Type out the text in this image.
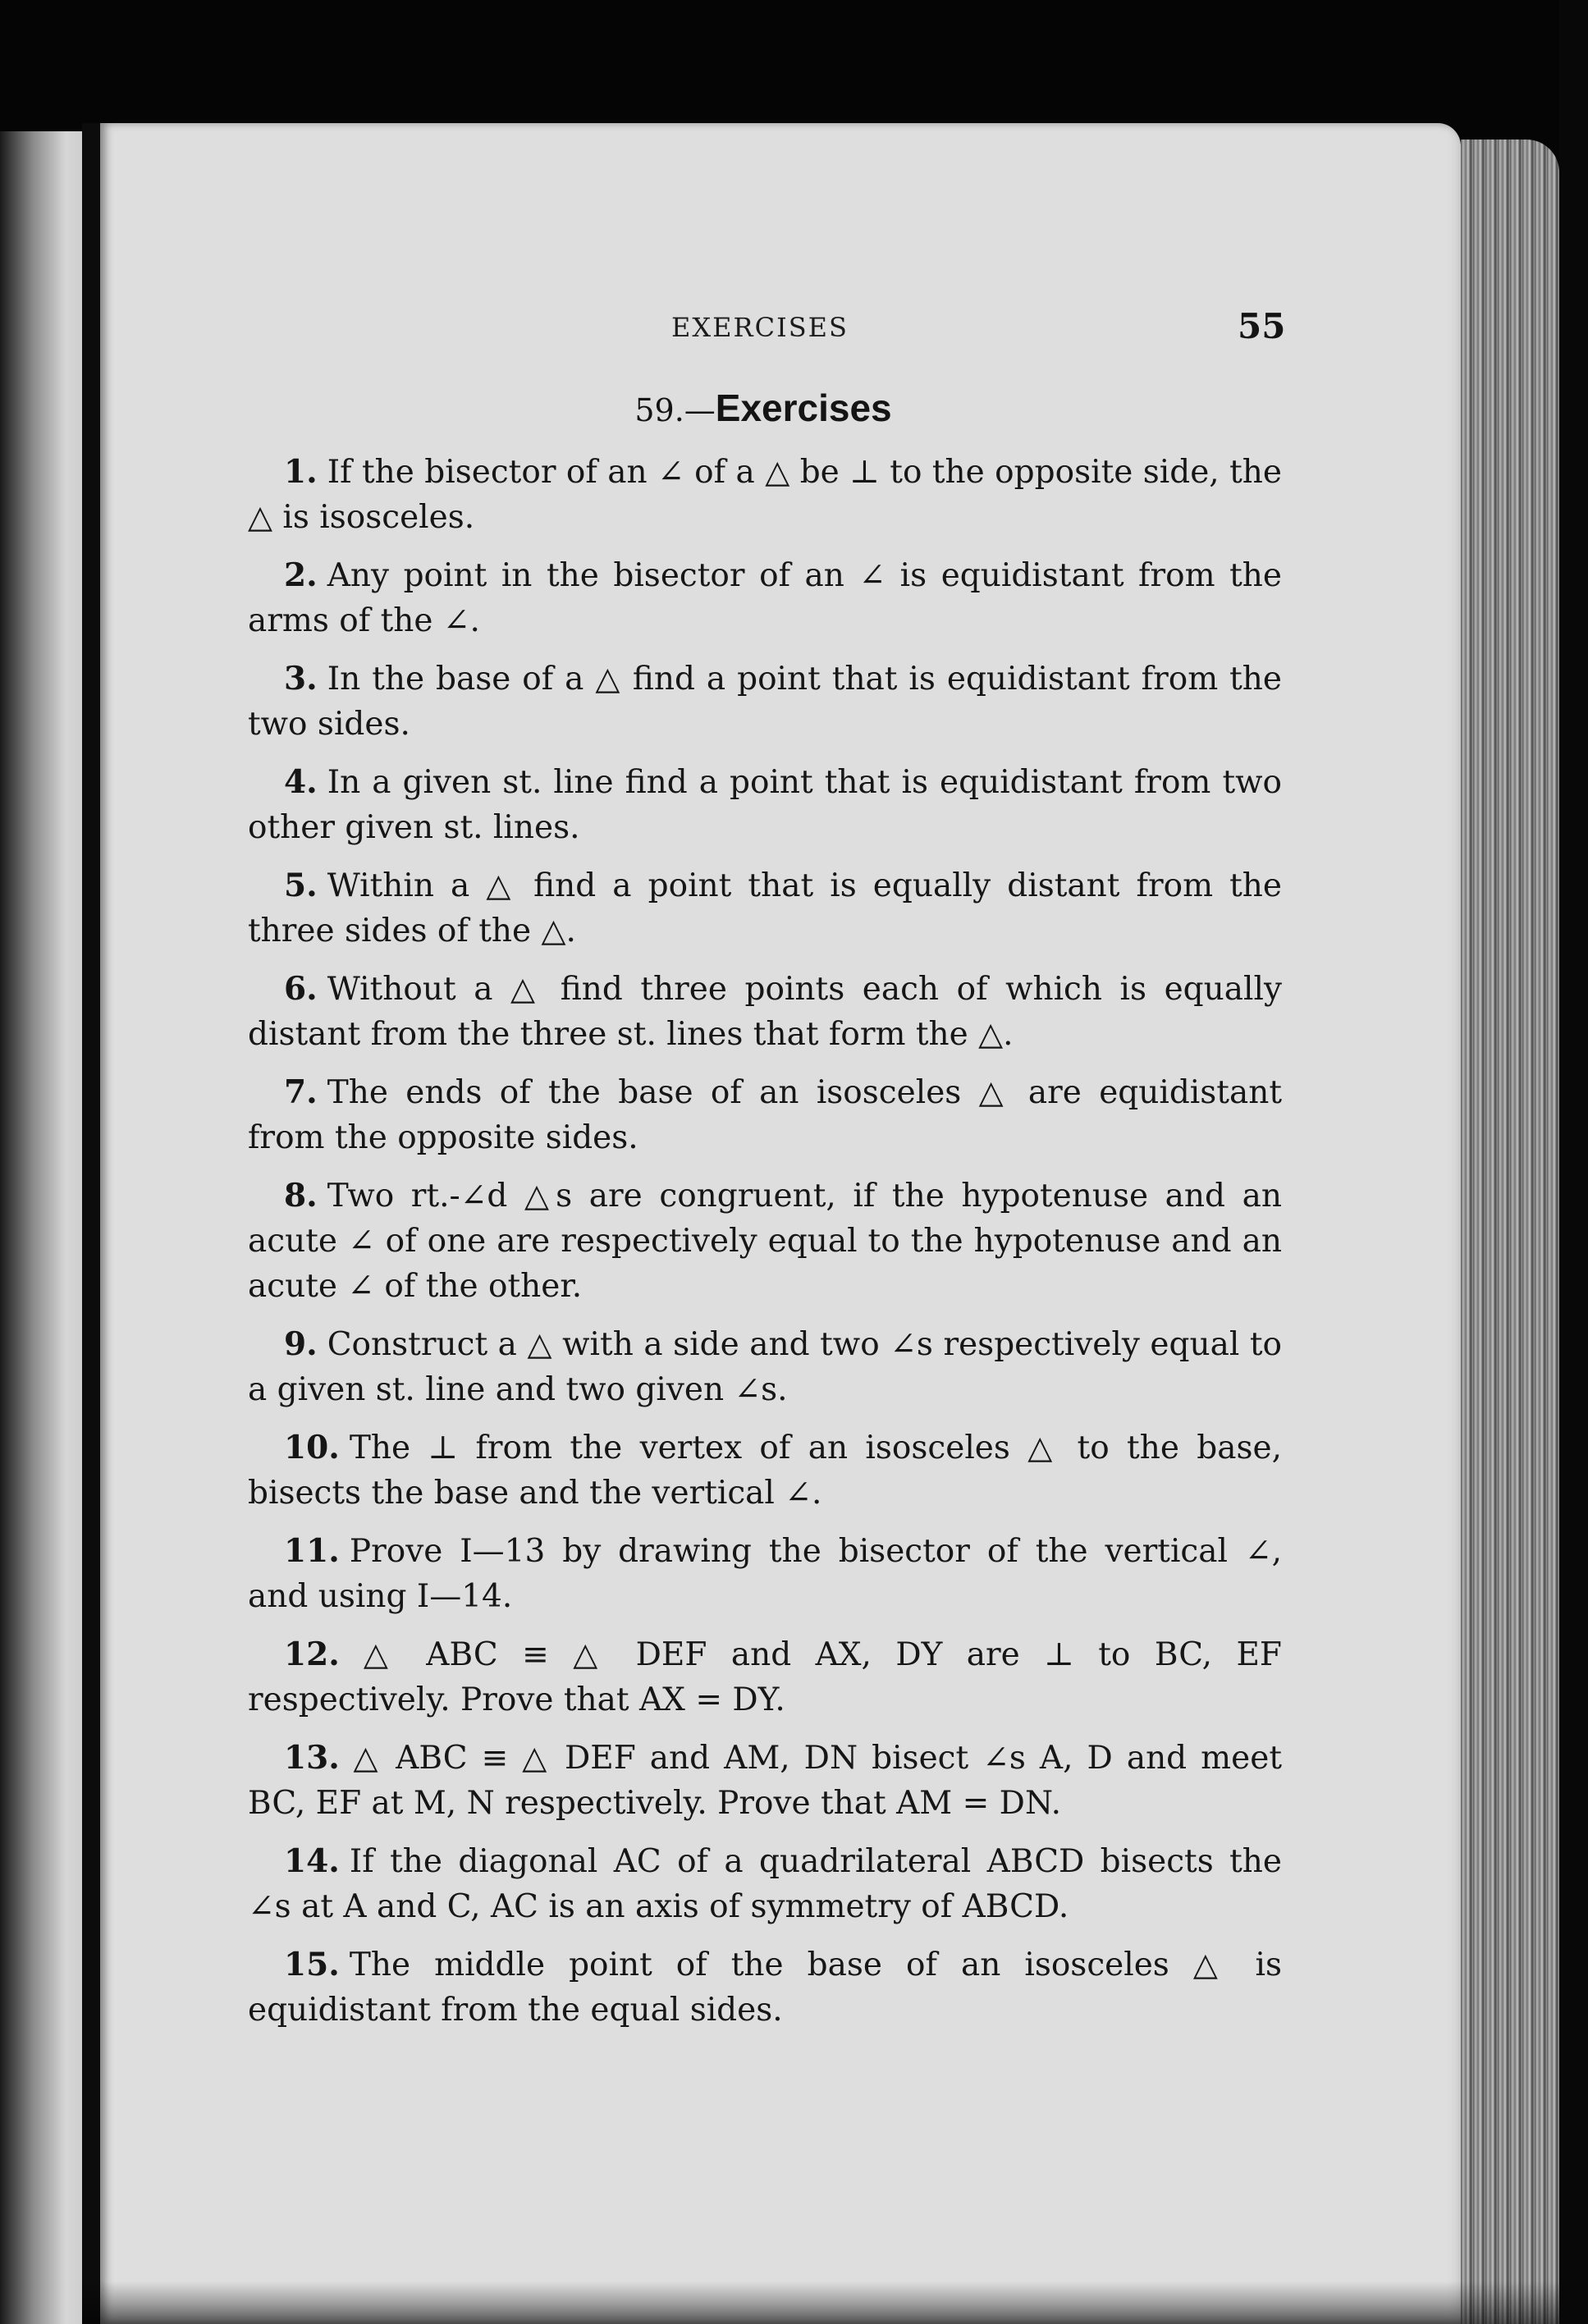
EXERCISES	55
59.—Exercises
1. If the bisector of an ∠ of a △ be ⊥ to the opposite side, the △ is isosceles.
2. Any point in the bisector of an ∠ is equidistant from the arms of the ∠.
3. In the base of a △ find a point that is equidistant from the two sides.
4. In a given st. line find a point that is equidistant from two other given st. lines.
5. Within a △ find a point that is equally distant from the three sides of the △.
6. Without a △ find three points each of which is equally distant from the three st. lines that form the △.
7. The ends of the base of an isosceles △ are equidistant from the opposite sides.
8. Two rt.-∠d △s are congruent, if the hypotenuse and an acute ∠ of one are respectively equal to the hypotenuse and an acute ∠ of the other.
9. Construct a △ with a side and two ∠s respectively equal to a given st. line and two given ∠s.
10. The ⊥ from the vertex of an isosceles △ to the base, bisects the base and the vertical ∠.
11. Prove I—13 by drawing the bisector of the vertical ∠, and using I—14.
12. △ ABC ≡ △ DEF and AX, DY are ⊥ to BC, EF respectively. Prove that AX = DY.
13. △ ABC ≡ △ DEF and AM, DN bisect ∠s A, D and meet BC, EF at M, N respectively. Prove that AM = DN.
14. If the diagonal AC of a quadrilateral ABCD bisects the ∠s at A and C, AC is an axis of symmetry of ABCD.
15. The middle point of the base of an isosceles △ is equidistant from the equal sides.
